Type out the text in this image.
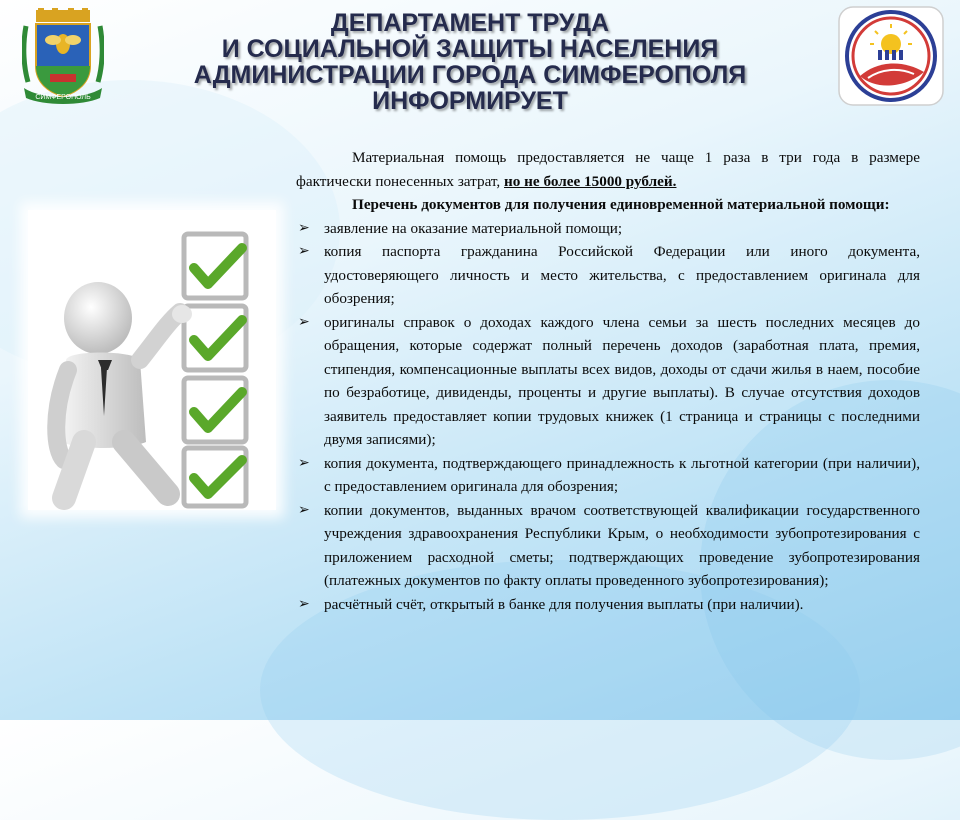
СИМФЕРОПОЛЬ
ДЕПАРТАМЕНТ ТРУДА
И СОЦИАЛЬНОЙ ЗАЩИТЫ НАСЕЛЕНИЯ
АДМИНИСТРАЦИИ ГОРОДА СИМФЕРОПОЛЯ
ИНФОРМИРУЕТ

Материальная помощь предоставляется не чаще 1 раза в три года в размере фактически понесенных затрат, но не более 15000 рублей.

Перечень документов для получения единовременной материальной помощи:

➢ заявление на оказание материальной помощи;
➢ копия паспорта гражданина Российской Федерации или иного документа, удостоверяющего личность и место жительства, с предоставлением оригинала для обозрения;
➢ оригиналы справок о доходах каждого члена семьи за шесть последних месяцев до обращения, которые содержат полный перечень доходов (заработная плата, премия, стипендия, компенсационные выплаты всех видов, доходы от сдачи жилья в наем, пособие по безработице, дивиденды, проценты и другие выплаты). В случае отсутствия доходов заявитель предоставляет копии трудовых книжек (1 страница и страницы с последними двумя записями);
➢ копия документа, подтверждающего принадлежность к льготной категории (при наличии), с предоставлением оригинала для обозрения;
➢ копии документов, выданных врачом соответствующей квалификации государственного учреждения здравоохранения Республики Крым, о необходимости зубопротезирования с приложением расходной сметы; подтверждающих проведение зубопротезирования (платежных документов по факту оплаты проведенного зубопротезирования);
➢ расчётный счёт, открытый в банке для получения выплаты (при наличии).
